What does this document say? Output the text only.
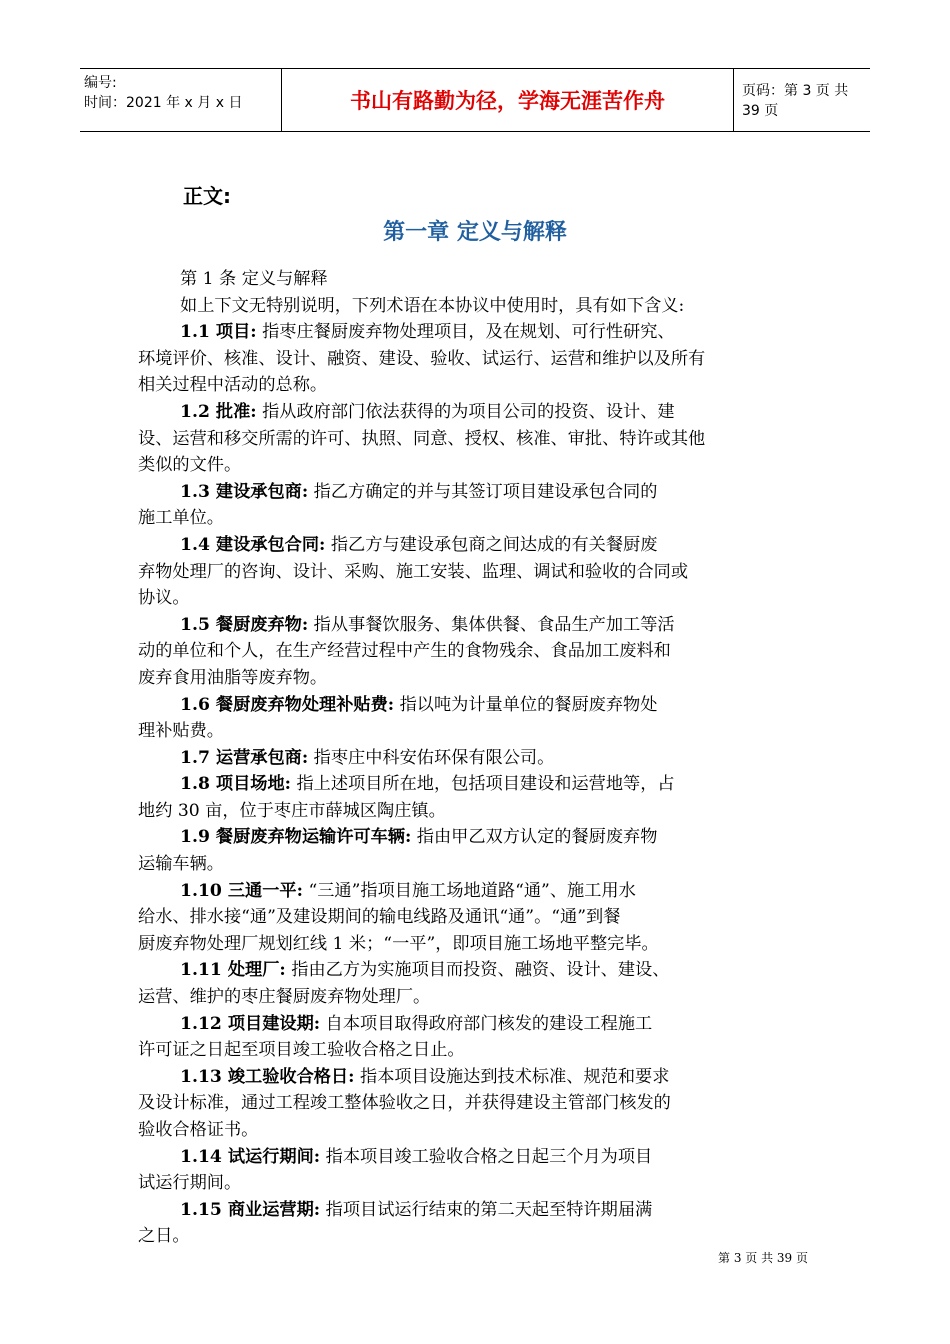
编号:
时间：2021 年 x 月 x 日	书山有路勤为径，学海无涯苦作舟	页码：第 3 页 共 39 页
正文:
第一章 定义与解释
第 1 条 定义与解释
如上下文无特别说明，下列术语在本协议中使用时，具有如下含义:
1.1 项目: 指枣庄餐厨废弃物处理项目，及在规划、可行性研究、
环境评价、核准、设计、融资、建设、验收、试运行、运营和维护以及所有
相关过程中活动的总称。
1.2 批准: 指从政府部门依法获得的为项目公司的投资、设计、建
设、运营和移交所需的许可、执照、同意、授权、核准、审批、特许或其他
类似的文件。
1.3 建设承包商: 指乙方确定的并与其签订项目建设承包合同的
施工单位。
1.4 建设承包合同: 指乙方与建设承包商之间达成的有关餐厨废
弃物处理厂的咨询、设计、采购、施工安装、监理、调试和验收的合同或
协议。
1.5 餐厨废弃物: 指从事餐饮服务、集体供餐、食品生产加工等活
动的单位和个人，在生产经营过程中产生的食物残余、食品加工废料和
废弃食用油脂等废弃物。
1.6 餐厨废弃物处理补贴费: 指以吨为计量单位的餐厨废弃物处
理补贴费。
1.7 运营承包商: 指枣庄中科安佑环保有限公司。
1.8 项目场地: 指上述项目所在地，包括项目建设和运营地等，占
地约 30 亩，位于枣庄市薛城区陶庄镇。
1.9 餐厨废弃物运输许可车辆: 指由甲乙双方认定的餐厨废弃物
运输车辆。
1.10 三通一平: “三通”指项目施工场地道路“通”、施工用水
给水、排水接“通”及建设期间的输电线路及通讯“通”。“通”到餐
厨废弃物处理厂规划红线 1 米；“一平”，即项目施工场地平整完毕。
1.11 处理厂: 指由乙方为实施项目而投资、融资、设计、建设、
运营、维护的枣庄餐厨废弃物处理厂。
1.12 项目建设期: 自本项目取得政府部门核发的建设工程施工
许可证之日起至项目竣工验收合格之日止。
1.13 竣工验收合格日: 指本项目设施达到技术标准、规范和要求
及设计标准，通过工程竣工整体验收之日，并获得建设主管部门核发的
验收合格证书。
1.14 试运行期间: 指本项目竣工验收合格之日起三个月为项目
试运行期间。
1.15 商业运营期: 指项目试运行结束的第二天起至特许期届满
之日。
第 3 页 共 39 页
